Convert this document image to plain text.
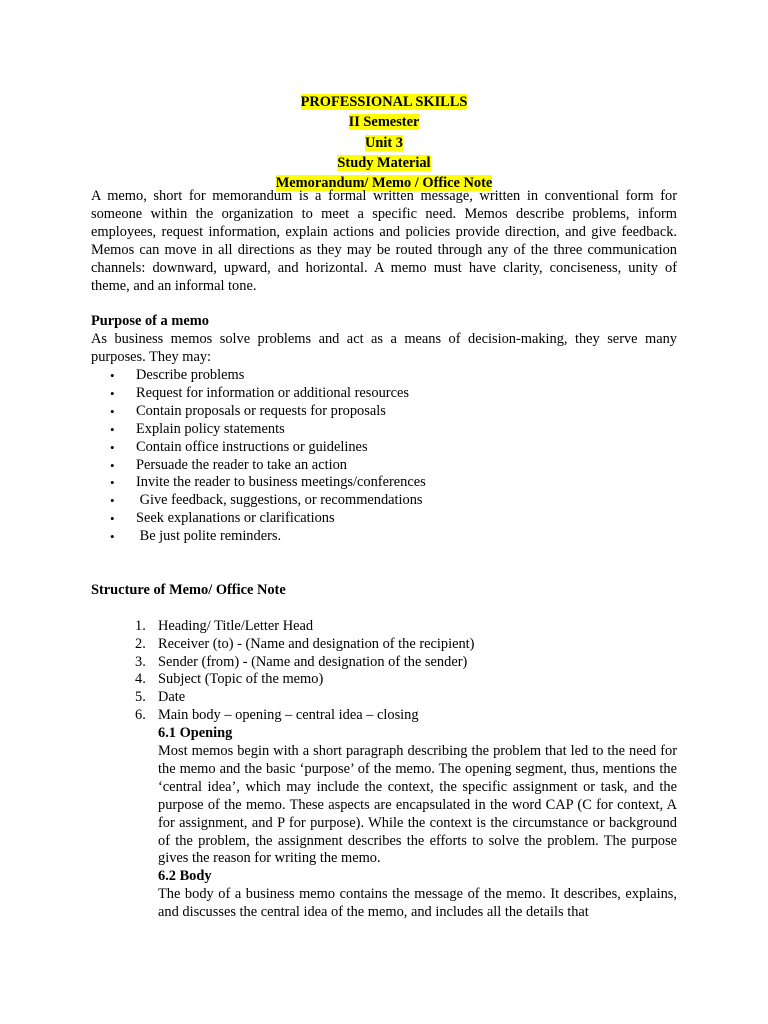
PROFESSIONAL SKILLS
II Semester
Unit 3
Study Material
Memorandum/ Memo / Office Note

A memo, short for memorandum is a formal written message, written in conventional form for someone within the organization to meet a specific need. Memos describe problems, inform employees, request information, explain actions and policies provide direction, and give feedback. Memos can move in all directions as they may be routed through any of the three communication channels: downward, upward, and horizontal. A memo must have clarity, conciseness, unity of theme, and an informal tone.

Purpose of a memo

As business memos solve problems and act as a means of decision-making, they serve many purposes. They may:

• Describe problems
• Request for information or additional resources
• Contain proposals or requests for proposals
• Explain policy statements
• Contain office instructions or guidelines
• Persuade the reader to take an action
• Invite the reader to business meetings/conferences
• Give feedback, suggestions, or recommendations
• Seek explanations or clarifications
• Be just polite reminders.

Structure of Memo/ Office Note

1. Heading/ Title/Letter Head
2. Receiver (to) - (Name and designation of the recipient)
3. Sender (from) - (Name and designation of the sender)
4. Subject (Topic of the memo)
5. Date
6. Main body – opening – central idea – closing

6.1 Opening

Most memos begin with a short paragraph describing the problem that led to the need for the memo and the basic ‘purpose’ of the memo. The opening segment, thus, mentions the ‘central idea’, which may include the context, the specific assignment or task, and the purpose of the memo. These aspects are encapsulated in the word CAP (C for context, A for assignment, and P for purpose). While the context is the circumstance or background of the problem, the assignment describes the efforts to solve the problem. The purpose gives the reason for writing the memo.

6.2 Body

The body of a business memo contains the message of the memo. It describes, explains, and discusses the central idea of the memo, and includes all the details that
